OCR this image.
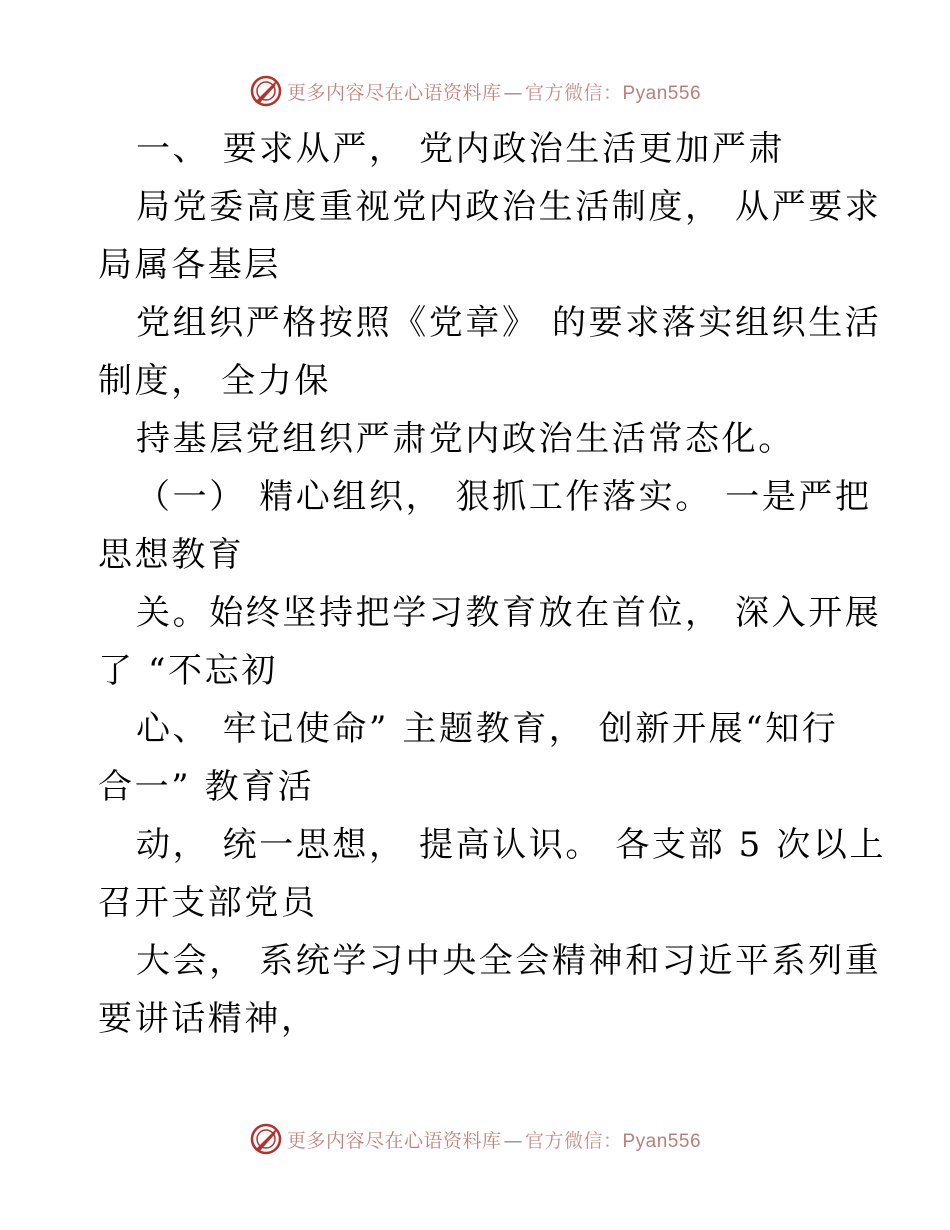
更多内容尽在心语资料库 — 官方微信：Pyan556
一、 要求从严， 党内政治生活更加严肃
局党委高度重视党内政治生活制度， 从严要求
局属各基层
党组织严格按照《党章》 的要求落实组织生活
制度， 全力保
持基层党组织严肃党内政治生活常态化。
（一） 精心组织， 狠抓工作落实。 一是严把
思想教育
关。始终坚持把学习教育放在首位， 深入开展
了 “不忘初
心、 牢记使命” 主题教育， 创新开展“知行
合一” 教育活
动， 统一思想， 提高认识。 各支部 5 次以上
召开支部党员
大会， 系统学习中央全会精神和习近平系列重
要讲话精神，
更多内容尽在心语资料库 — 官方微信：Pyan556
